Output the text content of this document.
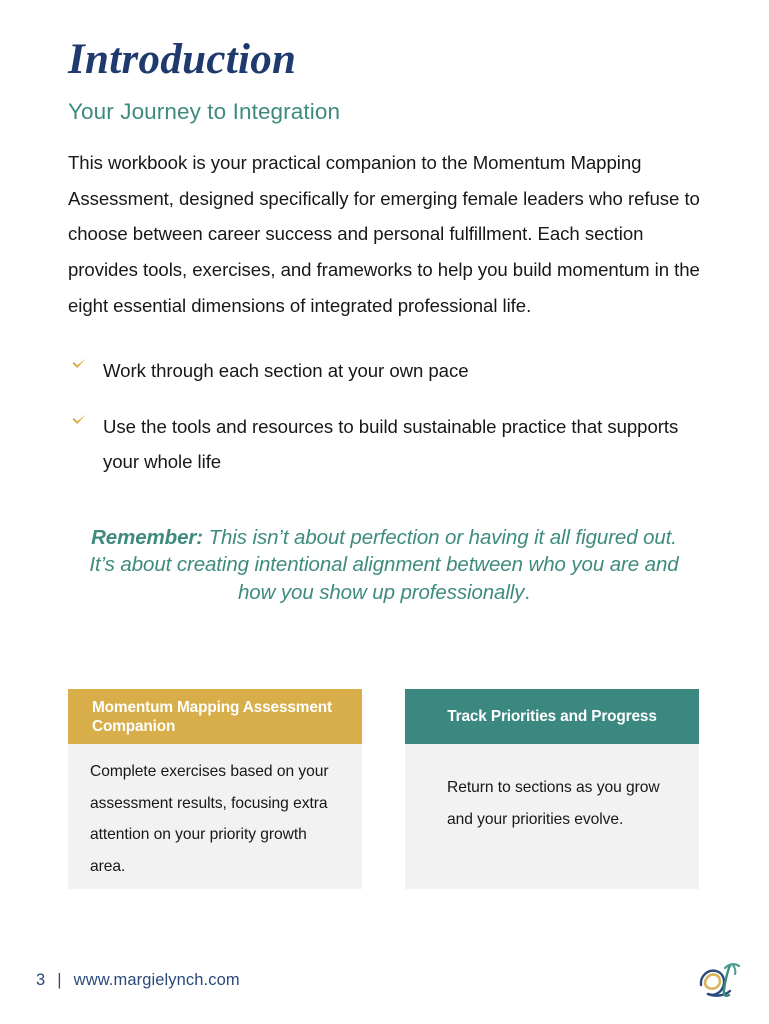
Introduction
Your Journey to Integration

This workbook is your practical companion to the Momentum Mapping Assessment, designed specifically for emerging female leaders who refuse to choose between career success and personal fulfillment. Each section provides tools, exercises, and frameworks to help you build momentum in the eight essential dimensions of integrated professional life.

Work through each section at your own pace
Use the tools and resources to build sustainable practice that supports your whole life
Remember: This isn’t about perfection or having it all figured out. It’s about creating intentional alignment between who you are and how you show up professionally.
Momentum Mapping Assessment Companion
Complete exercises based on your assessment results, focusing extra attention on your priority growth area.
Track Priorities and Progress
Return to sections as you grow and your priorities evolve.
3 | www.margielynch.com
